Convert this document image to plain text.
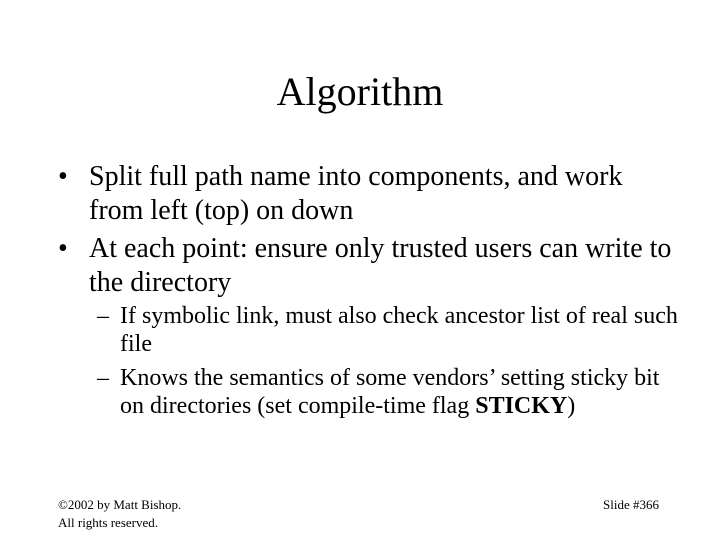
Algorithm
• Split full path name into components, and work from left (top) on down
• At each point: ensure only trusted users can write to the directory
– If symbolic link, must also check ancestor list of real such file
– Knows the semantics of some vendors’ setting sticky bit on directories (set compile-time flag STICKY)
©2002 by Matt Bishop.
All rights reserved.
Slide #366
